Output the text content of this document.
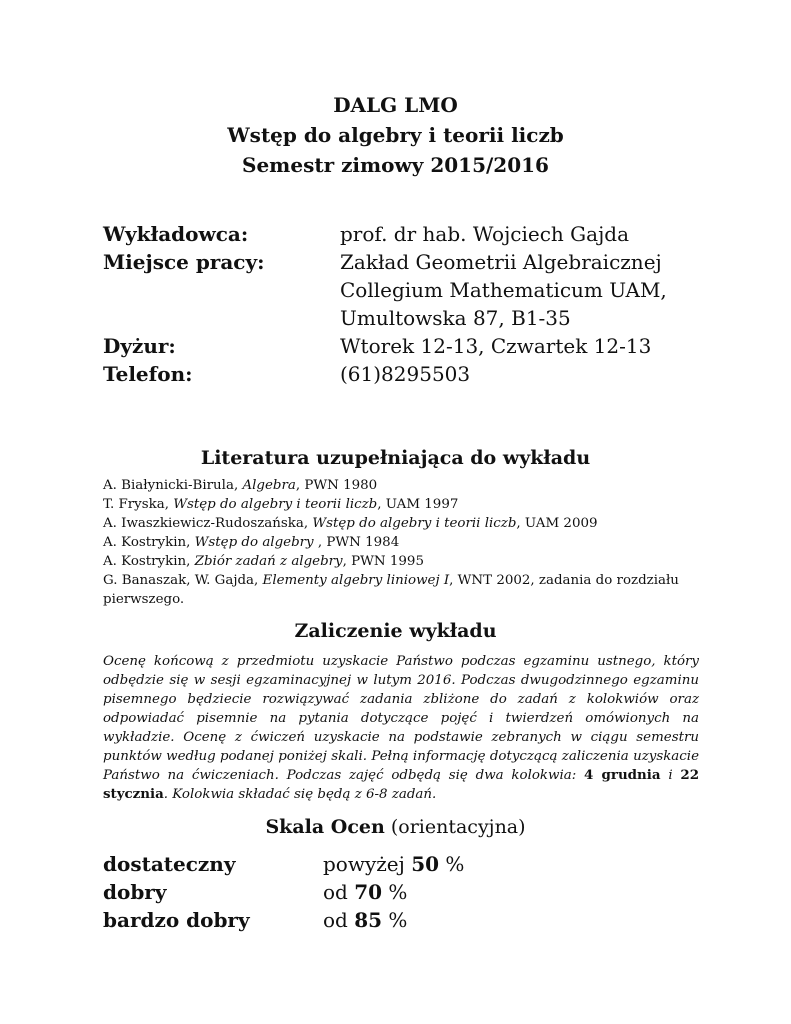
DALG LMO
Wstęp do algebry i teorii liczb
Semestr zimowy 2015/2016
Wykładowca:	prof. dr hab. Wojciech Gajda
Miejsce pracy:	Zakład Geometrii Algebraicznej
Collegium Mathematicum UAM,
Umultowska 87, B1-35
Dyżur:	Wtorek 12-13, Czwartek 12-13
Telefon:	(61)8295503
Literatura uzupełniająca do wykładu
A. Białynicki-Birula, Algebra, PWN 1980
T. Fryska, Wstęp do algebry i teorii liczb, UAM 1997
A. Iwaszkiewicz-Rudoszańska, Wstęp do algebry i teorii liczb, UAM 2009
A. Kostrykin, Wstęp do algebry , PWN 1984
A. Kostrykin, Zbiór zadań z algebry, PWN 1995
G. Banaszak, W. Gajda, Elementy algebry liniowej I, WNT 2002, zadania do rozdziału pierwszego.
Zaliczenie wykładu
Ocenę końcową z przedmiotu uzyskacie Państwo podczas egzaminu ustnego, który odbędzie się w sesji egzaminacyjnej w lutym 2016. Podczas dwugodzinnego egzaminu pisemnego będziecie rozwiązywać zadania zbliżone do zadań z kolokwiów oraz odpowiadać pisemnie na pytania dotyczące pojęć i twierdzeń omówionych na wykładzie. Ocenę z ćwiczeń uzyskacie na podstawie zebranych w ciągu semestru punktów według podanej poniżej skali. Pełną informację dotyczącą zaliczenia uzyskacie Państwo na ćwiczeniach. Podczas zajęć odbędą się dwa kolokwia: 4 grudnia i 22 stycznia. Kolokwia składać się będą z 6-8 zadań.
Skala Ocen (orientacyjna)
dostateczny	powyżej 50 %
dobry	od 70 %
bardzo dobry	od 85 %
